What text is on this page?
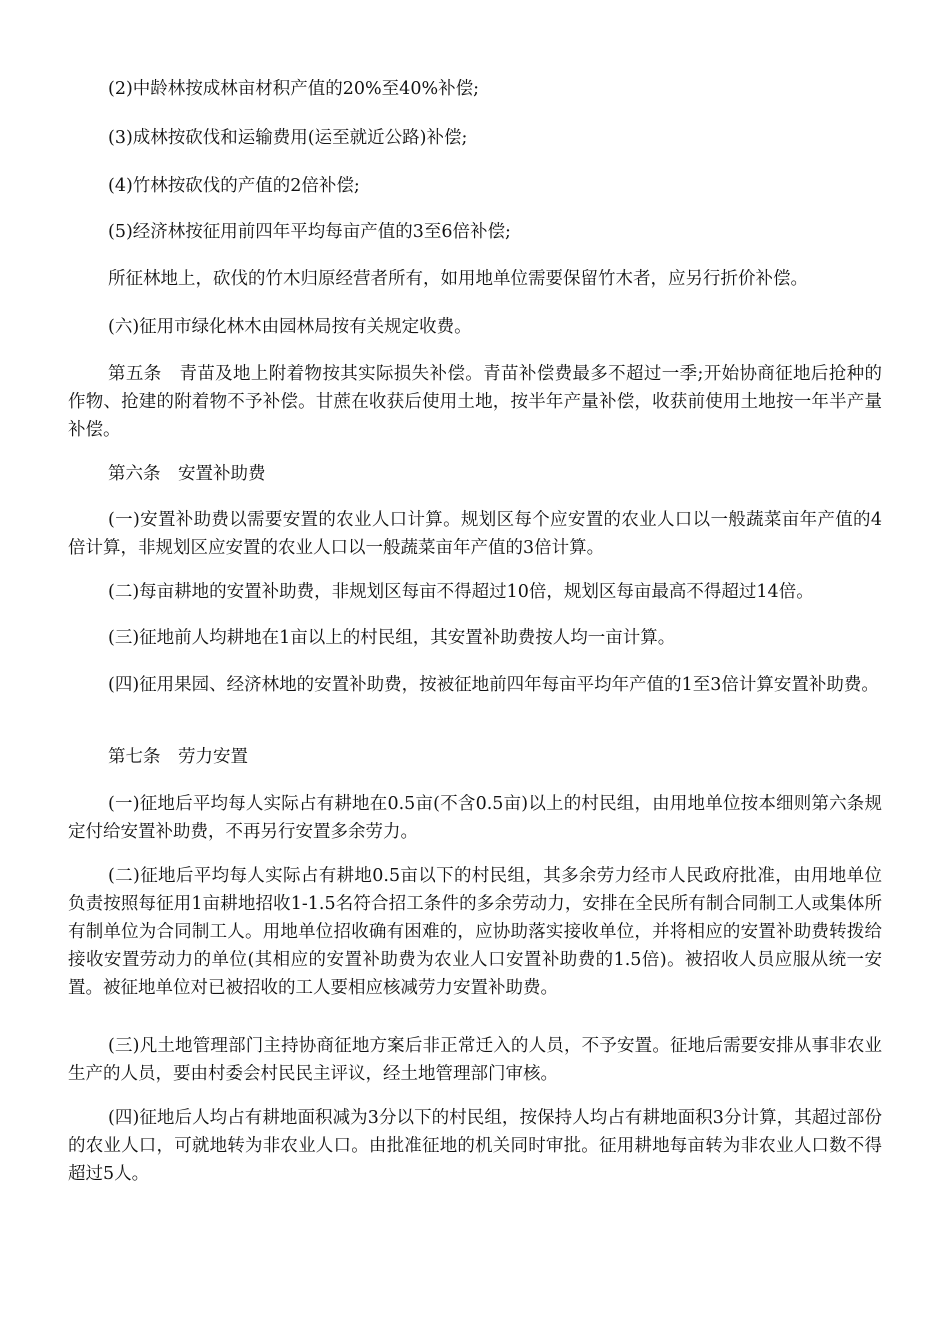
(2)中龄林按成林亩材积产值的20%至40%补偿;

(3)成林按砍伐和运输费用(运至就近公路)补偿;

(4)竹林按砍伐的产值的2倍补偿;

(5)经济林按征用前四年平均每亩产值的3至6倍补偿;

所征林地上，砍伐的竹木归原经营者所有，如用地单位需要保留竹木者，应另行折价补偿。

(六)征用市绿化林木由园林局按有关规定收费。

第五条　青苗及地上附着物按其实际损失补偿。青苗补偿费最多不超过一季;开始协商征地后抢种的作物、抢建的附着物不予补偿。甘蔗在收获后使用土地，按半年产量补偿，收获前使用土地按一年半产量补偿。

第六条　安置补助费

(一)安置补助费以需要安置的农业人口计算。规划区每个应安置的农业人口以一般蔬菜亩年产值的4倍计算，非规划区应安置的农业人口以一般蔬菜亩年产值的3倍计算。

(二)每亩耕地的安置补助费，非规划区每亩不得超过10倍，规划区每亩最高不得超过14倍。

(三)征地前人均耕地在1亩以上的村民组，其安置补助费按人均一亩计算。

(四)征用果园、经济林地的安置补助费，按被征地前四年每亩平均年产值的1至3倍计算安置补助费。

第七条　劳力安置

(一)征地后平均每人实际占有耕地在0.5亩(不含0.5亩)以上的村民组，由用地单位按本细则第六条规定付给安置补助费，不再另行安置多余劳力。

(二)征地后平均每人实际占有耕地0.5亩以下的村民组，其多余劳力经市人民政府批准，由用地单位负责按照每征用1亩耕地招收1-1.5名符合招工条件的多余劳动力，安排在全民所有制合同制工人或集体所有制单位为合同制工人。用地单位招收确有困难的，应协助落实接收单位，并将相应的安置补助费转拨给接收安置劳动力的单位(其相应的安置补助费为农业人口安置补助费的1.5倍)。被招收人员应服从统一安置。被征地单位对已被招收的工人要相应核减劳力安置补助费。

(三)凡土地管理部门主持协商征地方案后非正常迁入的人员，不予安置。征地后需要安排从事非农业生产的人员，要由村委会村民民主评议，经土地管理部门审核。

(四)征地后人均占有耕地面积减为3分以下的村民组，按保持人均占有耕地面积3分计算，其超过部份的农业人口，可就地转为非农业人口。由批准征地的机关同时审批。征用耕地每亩转为非农业人口数不得超过5人。
